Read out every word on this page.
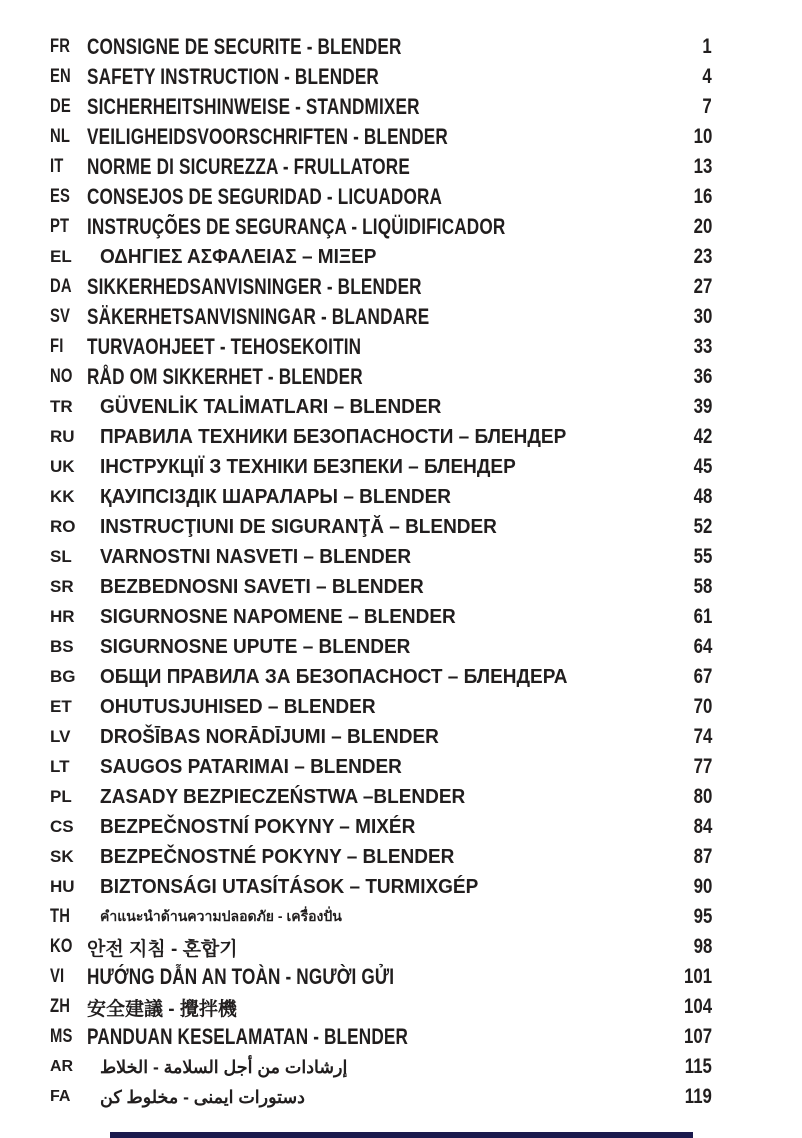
FR CONSIGNE DE SECURITE - BLENDER	1
EN SAFETY INSTRUCTION - BLENDER	4
DE SICHERHEITSHINWEISE - STANDMIXER	7
NL VEILIGHEIDSVOORSCHRIFTEN - BLENDER	10
IT	NORME DI SICUREZZA - FRULLATORE	13
ES CONSEJOS DE SEGURIDAD - LICUADORA	16
PT INSTRUÇÕES DE SEGURANÇA - LIQÜIDIFICADOR	20
EL	ΟΔΗΓΙΕΣ ΑΣΦΑΛΕΙΑΣ – ΜΙΞΕΡ	23
DA SIKKERHEDSANVISNINGER - BLENDER	27
SV SÄKERHETSANVISNINGAR - BLANDARE	30
FI	TURVAOHJEET - TEHOSEKOITIN	33
NO RÅD OM SIKKERHET - BLENDER	36
TR	GÜVENLİK TALİMATLARI – BLENDER	39
RU	ПРАВИЛА ТЕХНИКИ БЕЗОПАСНОСТИ – БЛЕНДЕР	42
UK	ІНСТРУКЦІЇ З ТЕХНІКИ БЕЗПЕКИ – БЛЕНДЕР	45
KK	ҚАУІПСІЗДІК ШАРАЛАРЫ – BLENDER	48
RO	INSTRUCŢIUNI DE SIGURANŢĂ – BLENDER	52
SL	VARNOSTNI NASVETI – BLENDER	55
SR	BEZBEDNOSNI SAVETI – BLENDER	58
HR	SIGURNOSNE NAPOMENE – BLENDER	61
BS	SIGURNOSNE UPUTE – BLENDER	64
BG	ОБЩИ ПРАВИЛА ЗА БЕЗОПАСНОСТ – БЛЕНДЕРА	67
ET	OHUTUSJUHISED – BLENDER	70
LV	DROŠĪBAS NORĀDĪJUMI – BLENDER	74
LT	SAUGOS PATARIMAI – BLENDER	77
PL	ZASADY BEZPIECZEŃSTWA –BLENDER	80
CS	BEZPEČNOSTNÍ POKYNY – MIXÉR	84
SK	BEZPEČNOSTNÉ POKYNY – BLENDER	87
HU	BIZTONSÁGI UTASÍTÁSOK – TURMIXGÉP	90
TH	คำแนะนำด้านความปลอดภัย - เครื่องปั่น	95
KO 안전 지침 - 혼합기	98
VI	HƯỚNG DẪN AN TOÀN - NGƯỜI GỬI	101
ZH 安全建議 - 攪拌機	104
MS PANDUAN KESELAMATAN - BLENDER	107
AR	إرشادات من أجل السلامة - الخلاط	115
FA	دستورات ايمنى - مخلوط كن	119
